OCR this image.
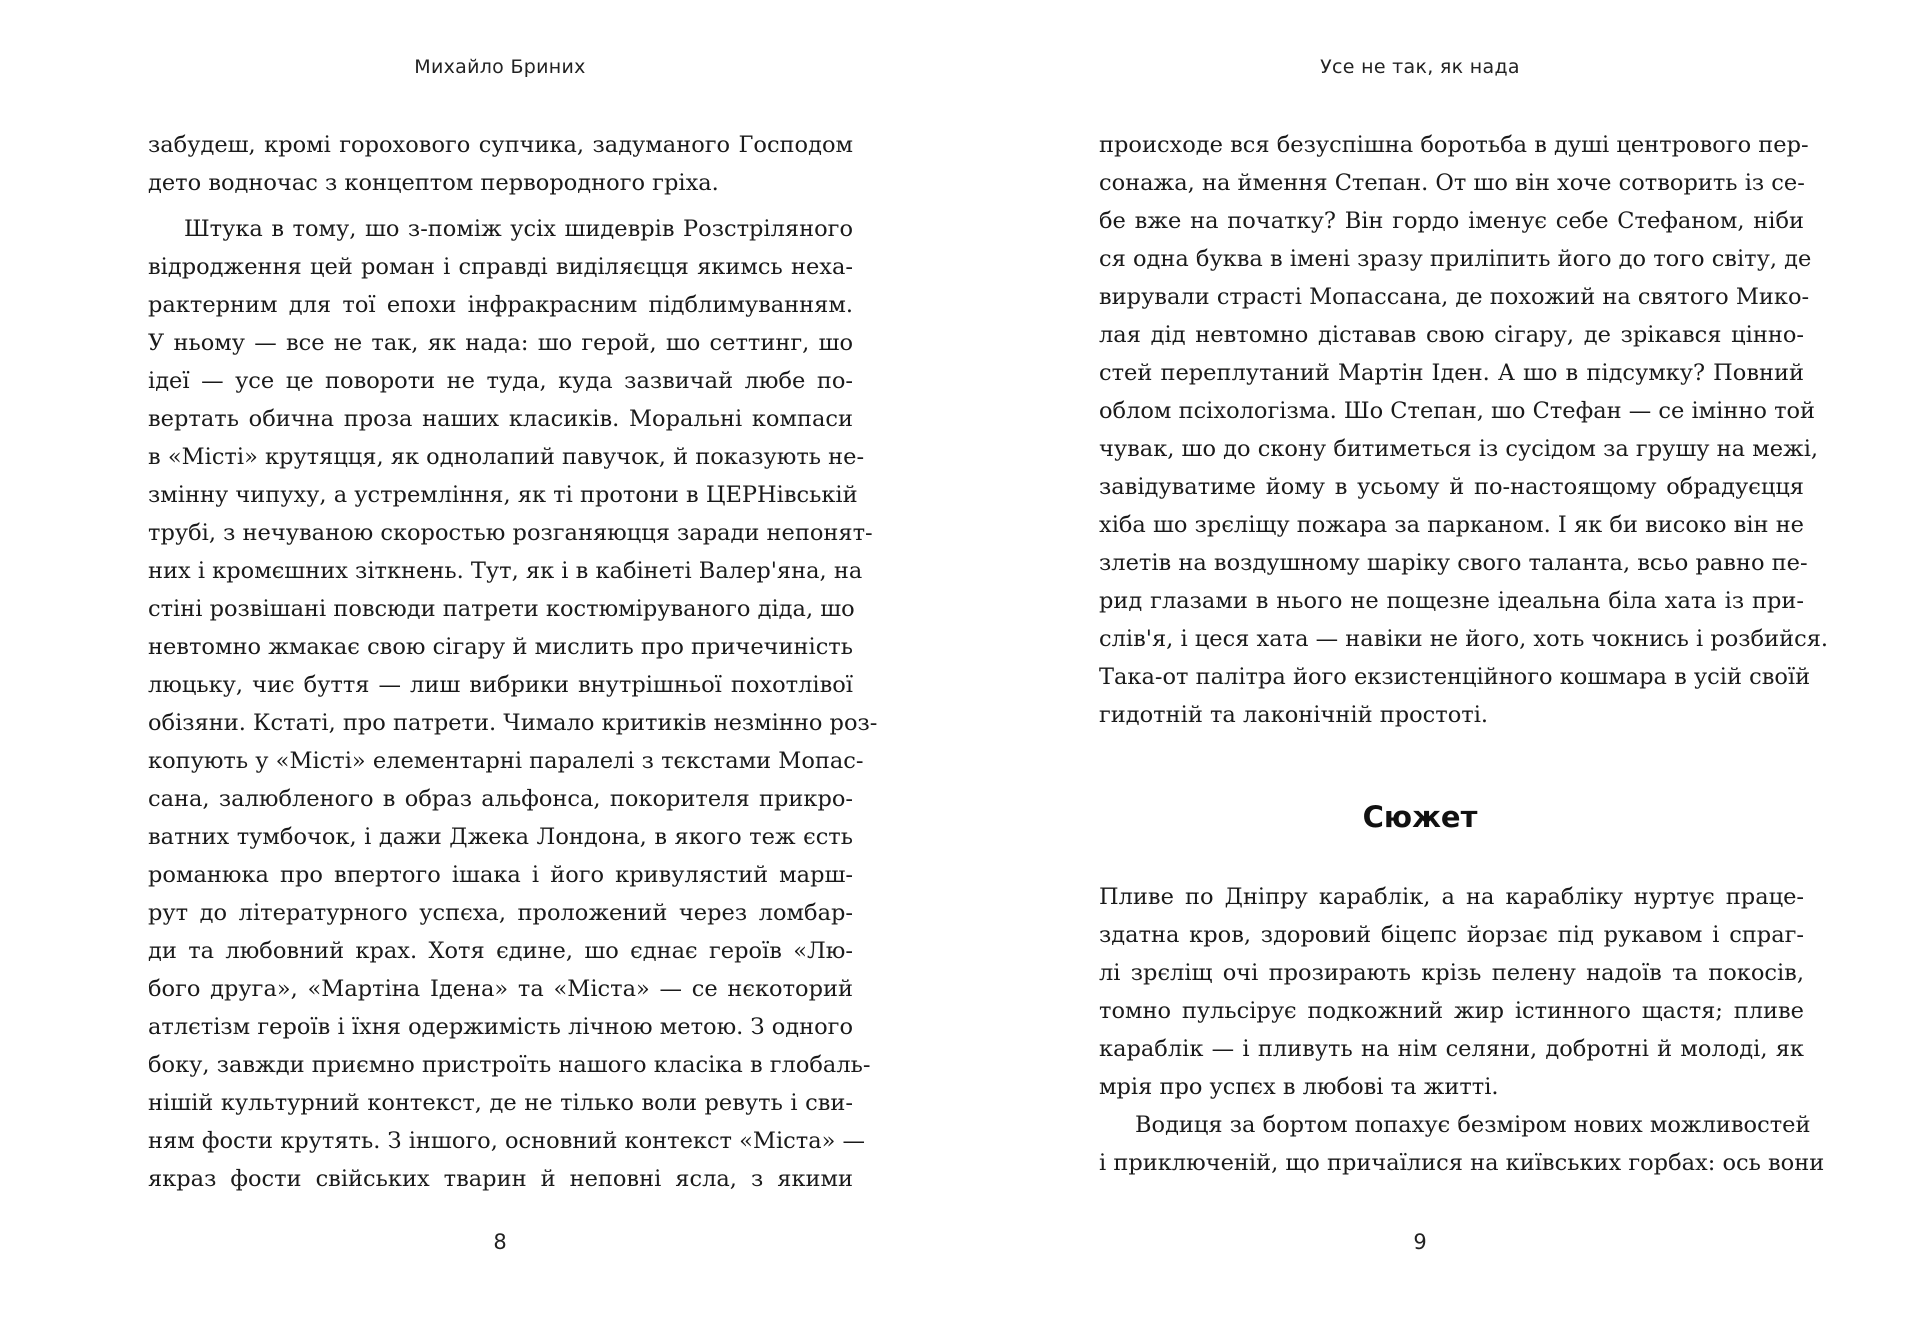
Михайло Бриних
забудеш, кромі горохового супчика, задуманого Господом
дето водночас з концептом первородного гріха.
Штука в тому, шо з-поміж усіх шидеврів Розстріляного
відродження цей роман і справді виділяєцця якимсь неха-
рактерним для тої епохи інфракрасним підблимуванням.
У ньому — все не так, як нада: шо герой, шо сеттинг, шо
ідеї — усе це повороти не туда, куда зазвичай любе по-
вертать обична проза наших класиків. Моральні компаси
в «Місті» крутяцця, як однолапий павучок, й показують не-
змінну чипуху, а устремління, як ті протони в ЦЕРНівській
трубі, з нечуваною скоростью розганяюцця заради непонят-
них і кромєшних зіткнень. Тут, як і в кабінеті Валер'яна, на
стіні розвішані повсюди патрети костюміруваного діда, шо
невтомно жмакає свою сігару й мислить про причечиність
люцьку, чиє буття — лиш вибрики внутрішньої похотлівої
обізяни. Кстаті, про патрети. Чимало критиків незмінно роз-
копують у «Місті» елементарні паралелі з тєкстами Мопас-
сана, залюбленого в образ альфонса, покорителя прикро-
ватних тумбочок, і дажи Джека Лондона, в якого теж єсть
романюка про впертого ішака і його кривулястий марш-
рут до літературного успєха, проложений через ломбар-
ди та любовний крах. Хотя єдине, шо єднає героїв «Лю-
бого друга», «Мартіна Ідена» та «Міста» — се нєкоторий
атлєтізм героїв і їхня одержимість лічною метою. З одного
боку, завжди приємно пристроїть нашого класіка в глобаль-
нішій культурний контекст, де не тілько воли ревуть і сви-
ням фости крутять. З іншого, основний контекст «Міста» —
якраз фости свійських тварин й неповні ясла, з якими
8
Усе не так, як нада
происходе вся безуспішна боротьба в душі центрового пер-
сонажа, на ймення Степан. От шо він хоче сотворить із се-
бе вже на початку? Він гордо іменує себе Стефаном, ніби
ся одна буква в імені зразу приліпить його до того світу, де
вирували страсті Мопассана, де похожий на святого Мико-
лая дід невтомно діставав свою сігару, де зрікався цінно-
стей переплутаний Мартін Іден. А шо в підсумку? Повний
облом псіхологізма. Шо Степан, шо Стефан — се імінно той
чувак, шо до скону битиметься із сусідом за грушу на межі,
завідуватиме йому в усьому й по-настоящому обрадуєцця
хіба шо зрєліщу пожара за парканом. І як би високо він не
злетів на воздушному шаріку свого таланта, всьо равно пе-
рид глазами в нього не пощезне ідеальна біла хата із при-
слів'я, і цеся хата — навіки не його, хоть чокнись і розбийся.
Така-от палітра його екзистенційного кошмара в усій своїй
гидотній та лаконічній простоті.
Сюжет
Пливе по Дніпру караблік, а на караблікy нуртує праце-
здатна кров, здоровий біцепс йорзає під рукавом і спраг-
лі зрєліщ очі прозирають крізь пелену надоїв та покосів,
томно пульсірує подкожний жир істинного щастя; пливе
караблік — і пливуть на нім селяни, добротні й молоді, як
мрія про успєх в любові та житті.
Водиця за бортом попахує безміром нових можливостей
і приключеній, що причаїлися на київських горбах: ось вони
9
